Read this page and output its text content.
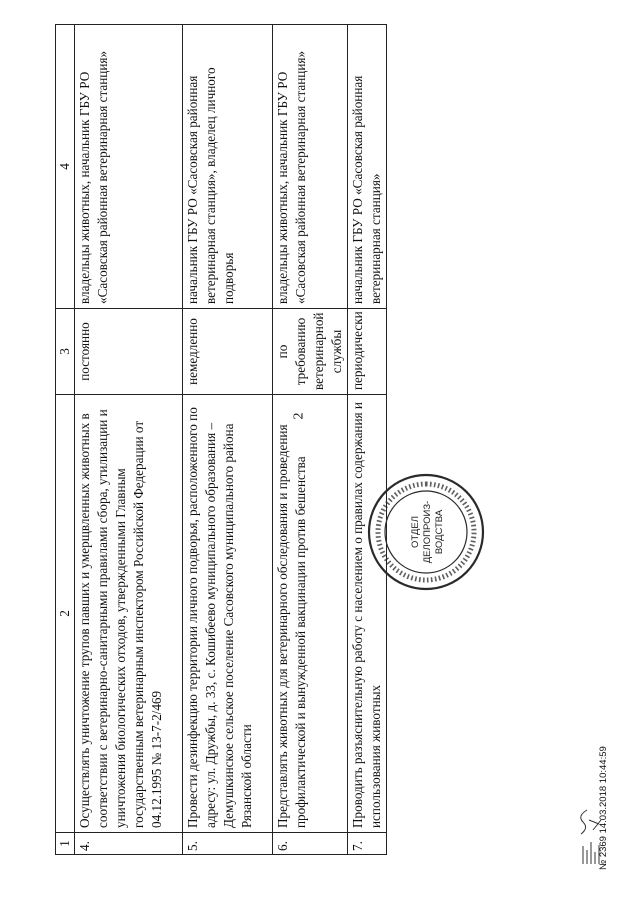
2
1	2	3	4
4.	Осуществлять уничтожение трупов павших и умерщвленных животных в соответствии с ветеринарно-санитарными правилами сбора, утилизации и уничтожения биологических отходов, утвержденными Главным государственным ветеринарным инспектором Российской Федерации от 04.12.1995 № 13-7-2/469	постоянно	владельцы животных, начальник ГБУ РО «Сасовская районная ветеринарная станция»
5.	Провести дезинфекцию территории личного подворья, расположенного по адресу: ул. Дружбы, д. 33, с. Кошибеево муниципального образования – Демушкинское сельское поселение Сасовского муниципального района Рязанской области	немедленно	начальник ГБУ РО «Сасовская районная ветеринарная станция», владелец личного подворья
6.	Представлять животных для ветеринарного обследования и проведения профилактической и вынужденной вакцинации против бешенства	по требованию ветеринарной службы	владельцы животных, начальник ГБУ РО «Сасовская районная ветеринарная станция»
7.	Проводить разъяснительную работу с населением о правилах содержания и использования животных	периодически	начальник ГБУ РО «Сасовская районная ветеринарная станция»
ОТДЕЛ ДЕЛОПРОИЗ- ВОДСТВА
№ 2369 14.03.2018 10:44:59
